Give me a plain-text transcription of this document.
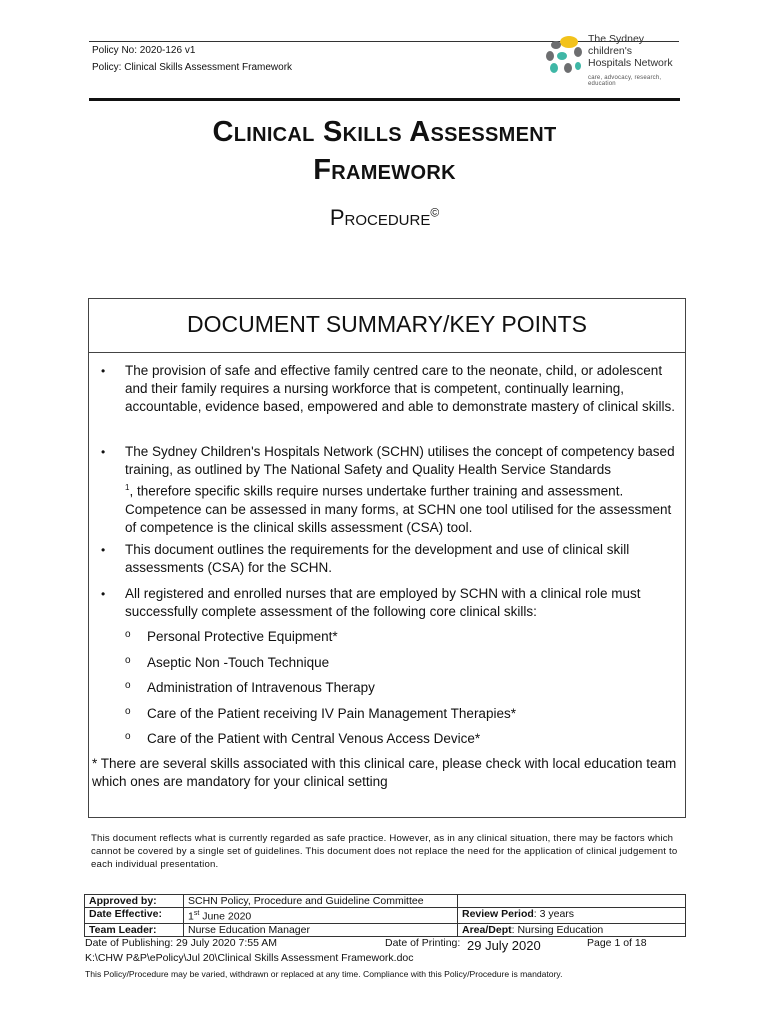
Policy No: 2020-126 v1
Policy: Clinical Skills Assessment Framework
The Sydney
children's
Hospitals Network
care, advocacy, research, education
Clinical Skills Assessment
Framework
Procedure©
DOCUMENT SUMMARY/KEY POINTS
• The provision of safe and effective family centred care to the neonate, child, or adolescent and their family requires a nursing workforce that is competent, continually learning, accountable, evidence based, empowered and able to demonstrate mastery of clinical skills.
• The Sydney Children's Hospitals Network (SCHN) utilises the concept of competency based training, as outlined by The National Safety and Quality Health Service Standards
$^1$, therefore specific skills require nurses undertake further training and assessment. Competence can be assessed in many forms, at SCHN one tool utilised for the assessment of competence is the clinical skills assessment (CSA) tool.
• This document outlines the requirements for the development and use of clinical skill assessments (CSA) for the SCHN.
• All registered and enrolled nurses that are employed by SCHN with a clinical role must successfully complete assessment of the following core clinical skills:
o Personal Protective Equipment*
o Aseptic Non -Touch Technique
o Administration of Intravenous Therapy
o Care of the Patient receiving IV Pain Management Therapies*
o Care of the Patient with Central Venous Access Device*
* There are several skills associated with this clinical care, please check with local education team which ones are mandatory for your clinical setting
This document reflects what is currently regarded as safe practice. However, as in any clinical situation, there may be factors which cannot be covered by a single set of guidelines. This document does not replace the need for the application of clinical judgement to each individual presentation.
Approved by:	SCHN Policy, Procedure and Guideline Committee	
Date Effective:	1st June 2020	Review Period: 3 years
Team Leader:	Nurse Education Manager	Area/Dept: Nursing Education
Date of Publishing: 29 July 2020 7:55 AM	Date of Printing: 29 July 2020	Page 1 of 18
K:\CHW P&P\ePolicy\Jul 20\Clinical Skills Assessment Framework.doc
This Policy/Procedure may be varied, withdrawn or replaced at any time. Compliance with this Policy/Procedure is mandatory.
